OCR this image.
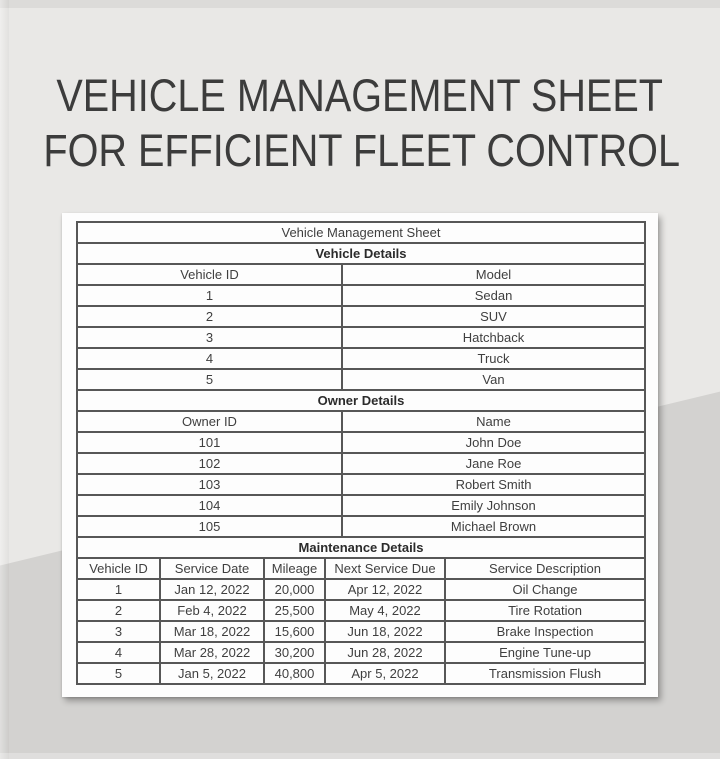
VEHICLE MANAGEMENT SHEET
FOR EFFICIENT FLEET CONTROL
Vehicle Management Sheet	
Vehicle Details	
Vehicle ID	Model
1	Sedan
2	SUV
3	Hatchback
4	Truck
5	Van
Owner Details	
Owner ID	Name
101	John Doe
102	Jane Roe
103	Robert Smith
104	Emily Johnson
105	Michael Brown
Maintenance Details				
Vehicle ID	Service Date	Mileage	Next Service Due	Service Description
1	Jan 12, 2022	20,000	Apr 12, 2022	Oil Change
2	Feb 4, 2022	25,500	May 4, 2022	Tire Rotation
3	Mar 18, 2022	15,600	Jun 18, 2022	Brake Inspection
4	Mar 28, 2022	30,200	Jun 28, 2022	Engine Tune-up
5	Jan 5, 2022	40,800	Apr 5, 2022	Transmission Flush
